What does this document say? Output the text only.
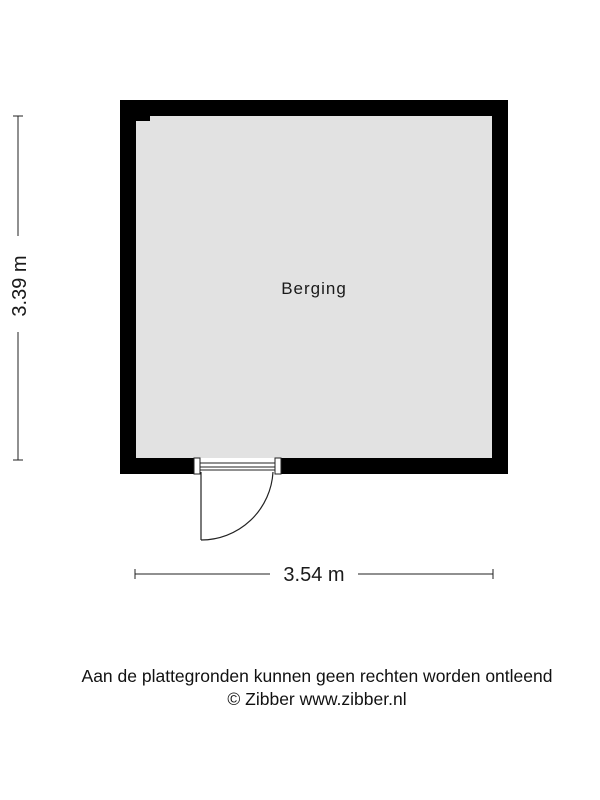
Berging
3.39 m
3.54 m
Aan de plattegronden kunnen geen rechten worden ontleend
© Zibber www.zibber.nl
